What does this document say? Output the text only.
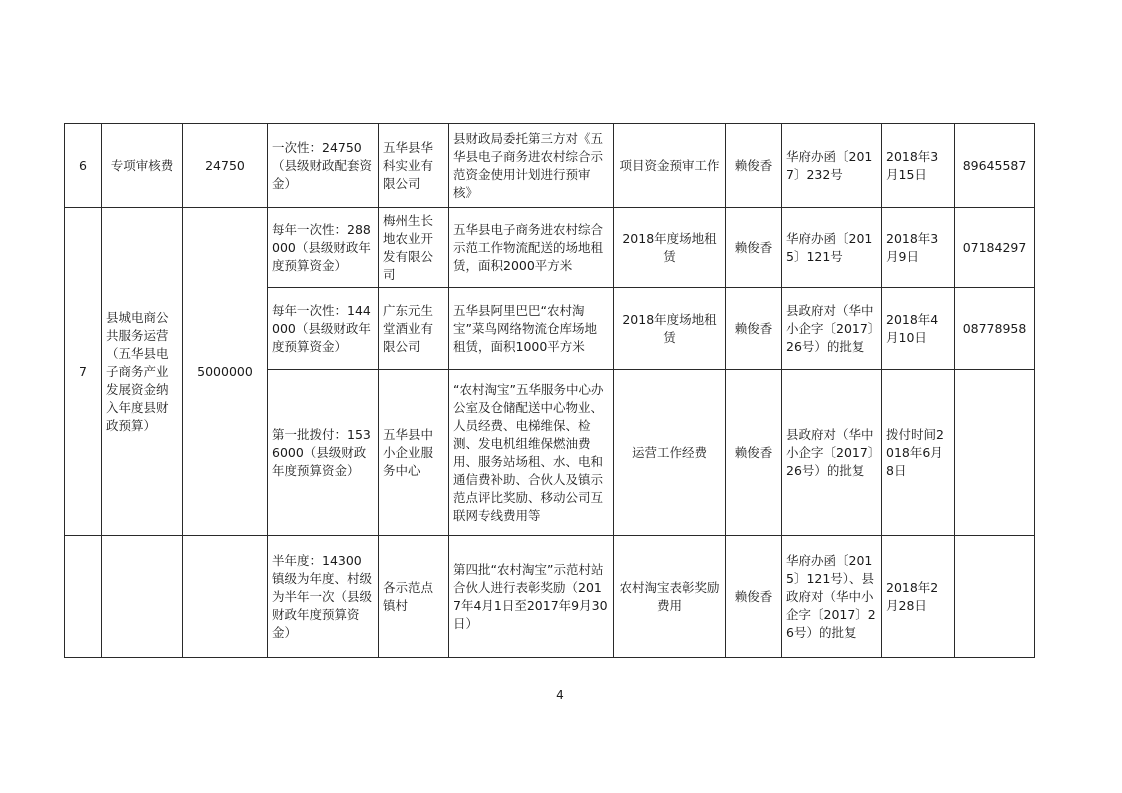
6	专项审核费	24750	一次性：24750（县级财政配套资金）	五华县华科实业有限公司	县财政局委托第三方对《五华县电子商务进农村综合示范资金使用计划进行预审核》	项目资金预审工作	赖俊香	华府办函〔2017〕232号	2018年3月15日	89645587
7	县城电商公共服务运营（五华县电子商务产业发展资金纳入年度县财政预算）	5000000	每年一次性：288000（县级财政年度预算资金）	梅州生长地农业开发有限公司	五华县电子商务进农村综合示范工作物流配送的场地租赁，面积2000平方米	2018年度场地租赁	赖俊香	华府办函〔2015〕121号	2018年3月9日	07184297
			每年一次性：144000（县级财政年度预算资金）	广东元生堂酒业有限公司	五华县阿里巴巴“农村淘宝”菜鸟网络物流仓库场地租赁，面积1000平方米	2018年度场地租赁	赖俊香	县政府对（华中小企字〔2017〕26号）的批复	2018年4月10日	08778958
			第一批拨付：1536000（县级财政年度预算资金）	五华县中小企业服务中心	“农村淘宝”五华服务中心办公室及仓储配送中心物业、人员经费、电梯维保、检测、发电机组维保燃油费用、服务站场租、水、电和通信费补助、合伙人及镇示范点评比奖励、移动公司互联网专线费用等	运营工作经费	赖俊香	县政府对（华中小企字〔2017〕26号）的批复	拨付时间2018年6月8日	
			半年度：14300镇级为年度、村级为半年一次（县级财政年度预算资金）	各示范点镇村	第四批“农村淘宝”示范村站合伙人进行表彰奖励（2017年4月1日至2017年9月30日）	农村淘宝表彰奖励费用	赖俊香	华府办函〔2015〕121号）、县政府对（华中小企字〔2017〕26号）的批复	2018年2月28日	
4
